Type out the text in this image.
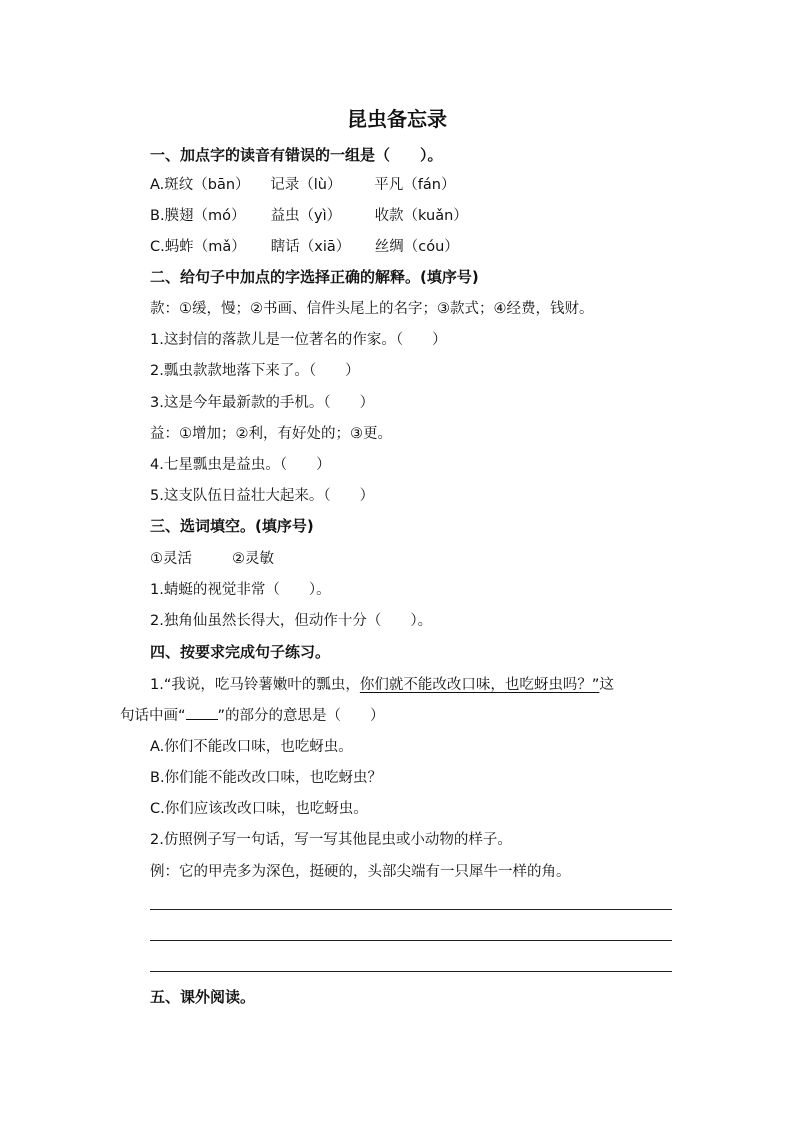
昆虫备忘录
一、加点字的读音有错误的一组是（　　）。
A.斑纹（bān） 记录（lù） 平凡（fán）
B.膜翅（mó） 益虫（yì） 收款（kuǎn）
C.蚂蚱（mǎ） 瞎话（xiā） 丝绸（cóu）
二、给句子中加点的字选择正确的解释。(填序号)
款：①缓，慢；②书画、信件头尾上的名字；③款式；④经费，钱财。
1.这封信的落款儿是一位著名的作家。（　　）
2.瓢虫款款地落下来了。（　　）
3.这是今年最新款的手机。（　　）
益：①增加；②利，有好处的；③更。
4.七星瓢虫是益虫。（　　）
5.这支队伍日益壮大起来。（　　）
三、选词填空。(填序号)
①灵活	②灵敏
1.蜻蜓的视觉非常（　　）。
2.独角仙虽然长得大，但动作十分（　　）。
四、按要求完成句子练习。
1.“我说，吃马铃薯嫩叶的瓢虫，你们就不能改改口味，也吃蚜虫吗？”这
句话中画“ ”的部分的意思是（　　）
A.你们不能改口味，也吃蚜虫。
B.你们能不能改改口味，也吃蚜虫？
C.你们应该改改口味，也吃蚜虫。
2.仿照例子写一句话，写一写其他昆虫或小动物的样子。
例：它的甲壳多为深色，挺硬的，头部尖端有一只犀牛一样的角。
五、课外阅读。
